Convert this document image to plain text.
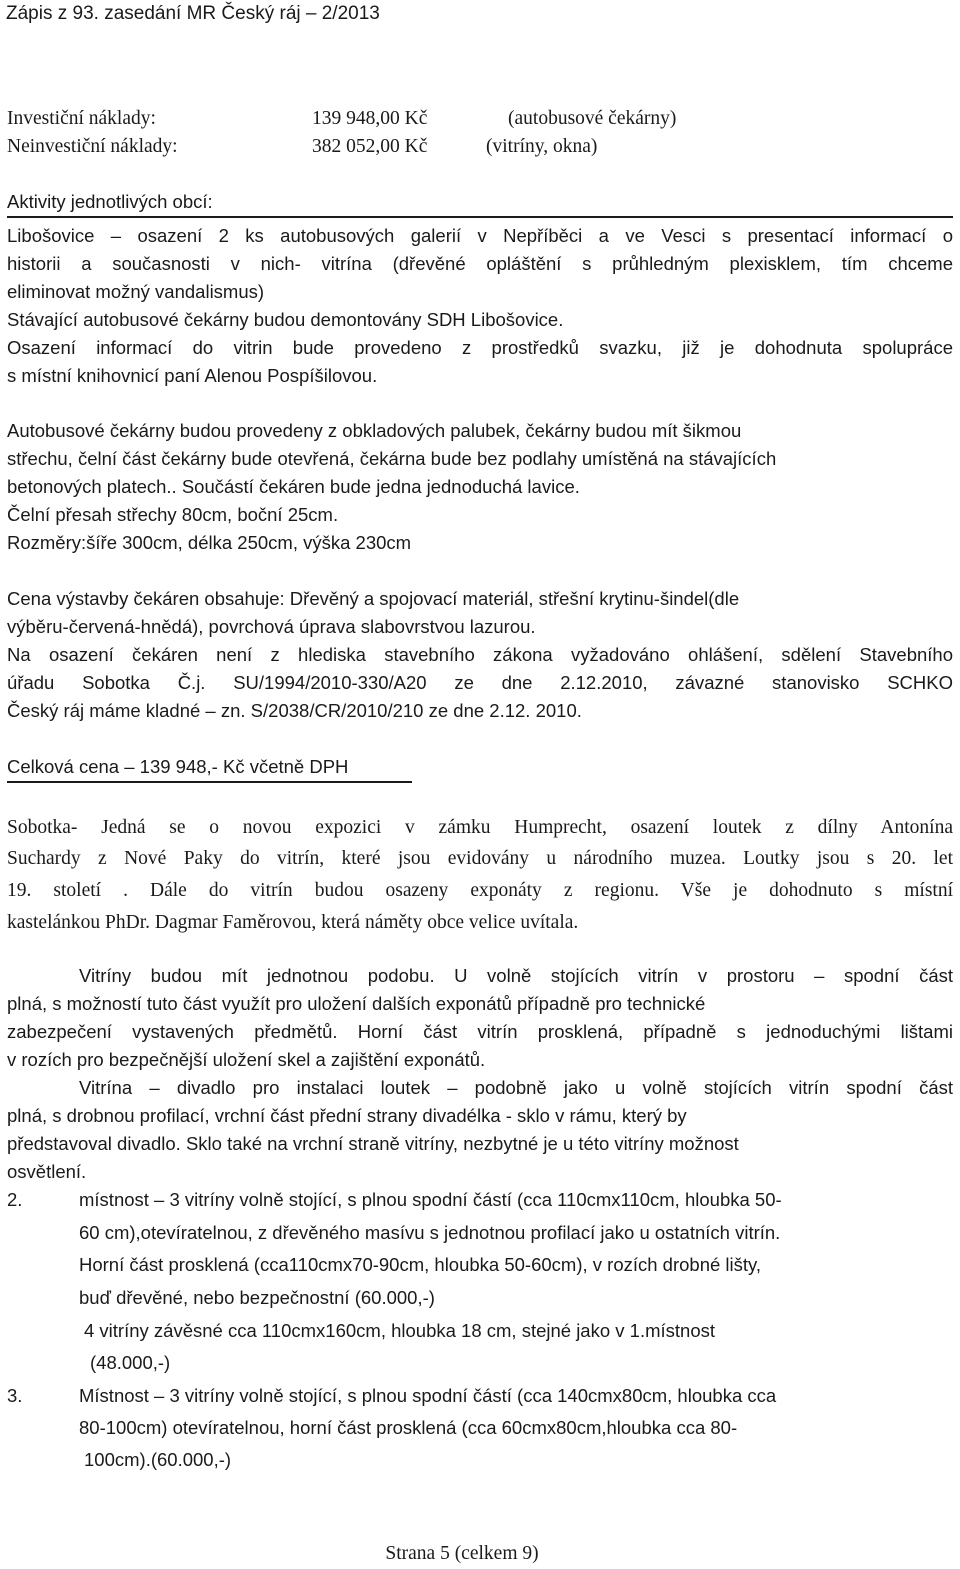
Zápis z 93. zasedání MR Český ráj – 2/2013
Investiční náklady:	139 948,00 Kč	(autobusové čekárny)
Neinvestiční náklady:	382 052,00 Kč	(vitríny, okna)
Aktivity jednotlivých obcí:
Libošovice – osazení 2 ks autobusových galerií v Nepříběci a ve Vesci s presentací informací o
historii a současnosti v nich- vitrína (dřevěné opláštění s průhledným plexisklem, tím chceme
eliminovat možný vandalismus)
Stávající autobusové čekárny budou demontovány SDH Libošovice.
Osazení informací do vitrin bude provedeno z prostředků svazku, již je dohodnuta spolupráce
s místní knihovnicí paní Alenou Pospíšilovou.
Autobusové čekárny budou provedeny z obkladových palubek, čekárny budou mít šikmou
střechu, čelní část čekárny bude otevřená, čekárna bude bez podlahy umístěná na stávajících
betonových platech.. Součástí čekáren bude jedna jednoduchá lavice.
Čelní přesah střechy 80cm, boční 25cm.
Rozměry:šíře 300cm, délka 250cm, výška 230cm
Cena výstavby čekáren obsahuje: Dřevěný a spojovací materiál, střešní krytinu-šindel(dle
výběru-červená-hnědá), povrchová úprava slabovrstvou lazurou.
Na osazení čekáren není z hlediska stavebního zákona vyžadováno ohlášení, sdělení Stavebního
úřadu Sobotka Č.j. SU/1994/2010-330/A20 ze dne 2.12.2010, závazné stanovisko SCHKO
Český ráj máme kladné – zn. S/2038/CR/2010/210 ze dne 2.12. 2010.
Celková cena – 139 948,- Kč včetně DPH
Sobotka- Jedná se o novou expozici v zámku Humprecht, osazení loutek z dílny Antonína
Suchardy z Nové Paky do vitrín, které jsou evidovány u národního muzea. Loutky jsou s 20. let
19. století . Dále do vitrín budou osazeny exponáty z regionu. Vše je dohodnuto s místní
kastelánkou PhDr. Dagmar Faměrovou, která náměty obce velice uvítala.
Vitríny budou mít jednotnou podobu. U volně stojících vitrín v prostoru – spodní část
plná, s možností tuto část využít pro uložení dalších exponátů případně pro technické
zabezpečení vystavených předmětů. Horní část vitrín prosklená, případně s jednoduchými lištami
v rozích pro bezpečnější uložení skel a zajištění exponátů.
Vitrína – divadlo pro instalaci loutek – podobně jako u volně stojících vitrín spodní část
plná, s drobnou profilací, vrchní část přední strany divadélka - sklo v rámu, který by
představoval divadlo. Sklo také na vrchní straně vitríny, nezbytné je u této vitríny možnost
osvětlení.
2.	místnost – 3 vitríny volně stojící, s plnou spodní částí (cca 110cmx110cm, hloubka 50-
60 cm),otevíratelnou, z dřevěného masívu s jednotnou profilací jako u ostatních vitrín.
Horní část prosklená (cca110cmx70-90cm, hloubka 50-60cm), v rozích drobné lišty,
buď dřevěné, nebo bezpečnostní (60.000,-)
4 vitríny závěsné cca 110cmx160cm, hloubka 18 cm, stejné jako v 1.místnost
(48.000,-)
3.	Místnost – 3 vitríny volně stojící, s plnou spodní částí (cca 140cmx80cm, hloubka cca
80-100cm) otevíratelnou, horní část prosklená (cca 60cmx80cm,hloubka cca 80-
100cm).(60.000,-)
Strana 5 (celkem 9)
